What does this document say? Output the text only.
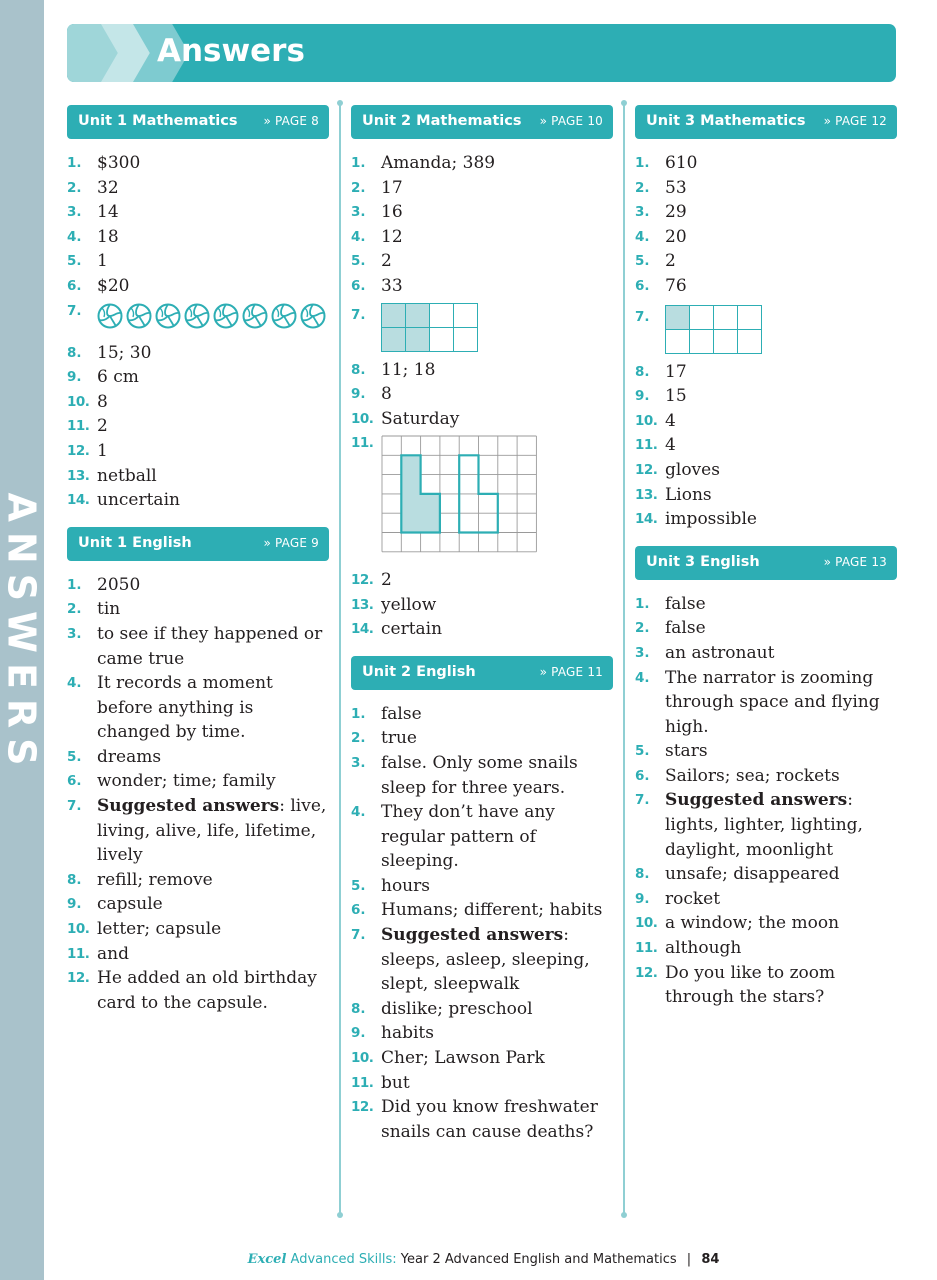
ANSWERS
Answers
Unit 1 Mathematics » PAGE 8
1. $300
2. 32
3. 14
4. 18
5. 1
6. $20
7.
8. 15; 30
9. 6 cm
10. 8
11. 2
12. 1
13. netball
14. uncertain
Unit 1 English	» PAGE 9
1. 2050
2. tin
3. to see if they happened or came true
4. It records a moment before anything is changed by time.
5. dreams
6. wonder; time; family
7. Suggested answers: live, living, alive, life, lifetime, lively
8. refill; remove
9. capsule
10. letter; capsule
11. and
12. He added an old birthday card to the capsule.
Unit 2 Mathematics » PAGE 10
1. Amanda; 389
2. 17
3. 16
4. 12
5. 2
6. 33
7.

8. 11; 18
9. 8
10. Saturday
11.
12. 2
13. yellow
14. certain
Unit 2 English	» PAGE 11
1. false
2. true
3. false. Only some snails sleep for three years.
4. They don’t have any regular pattern of sleeping.
5. hours
6. Humans; different; habits
7. Suggested answers: sleeps, asleep, sleeping, slept, sleepwalk
8. dislike; preschool
9. habits
10. Cher; Lawson Park
11. but
12. Did you know freshwater snails can cause deaths?
Unit 3 Mathematics » PAGE 12
1. 610
2. 53
3. 29
4. 20
5. 2
6. 76
7.

8. 17
9. 15
10. 4
11. 4
12. gloves
13. Lions
14. impossible
Unit 3 English	» PAGE 13
1. false
2. false
3. an astronaut
4. The narrator is zooming through space and flying high.
5. stars
6. Sailors; sea; rockets
7. Suggested answers: lights, lighter, lighting, daylight, moonlight
8. unsafe; disappeared
9. rocket
10. a window; the moon
11. although
12. Do you like to zoom through the stars?
Excel Advanced Skills: Year 2 Advanced English and Mathematics | 84
